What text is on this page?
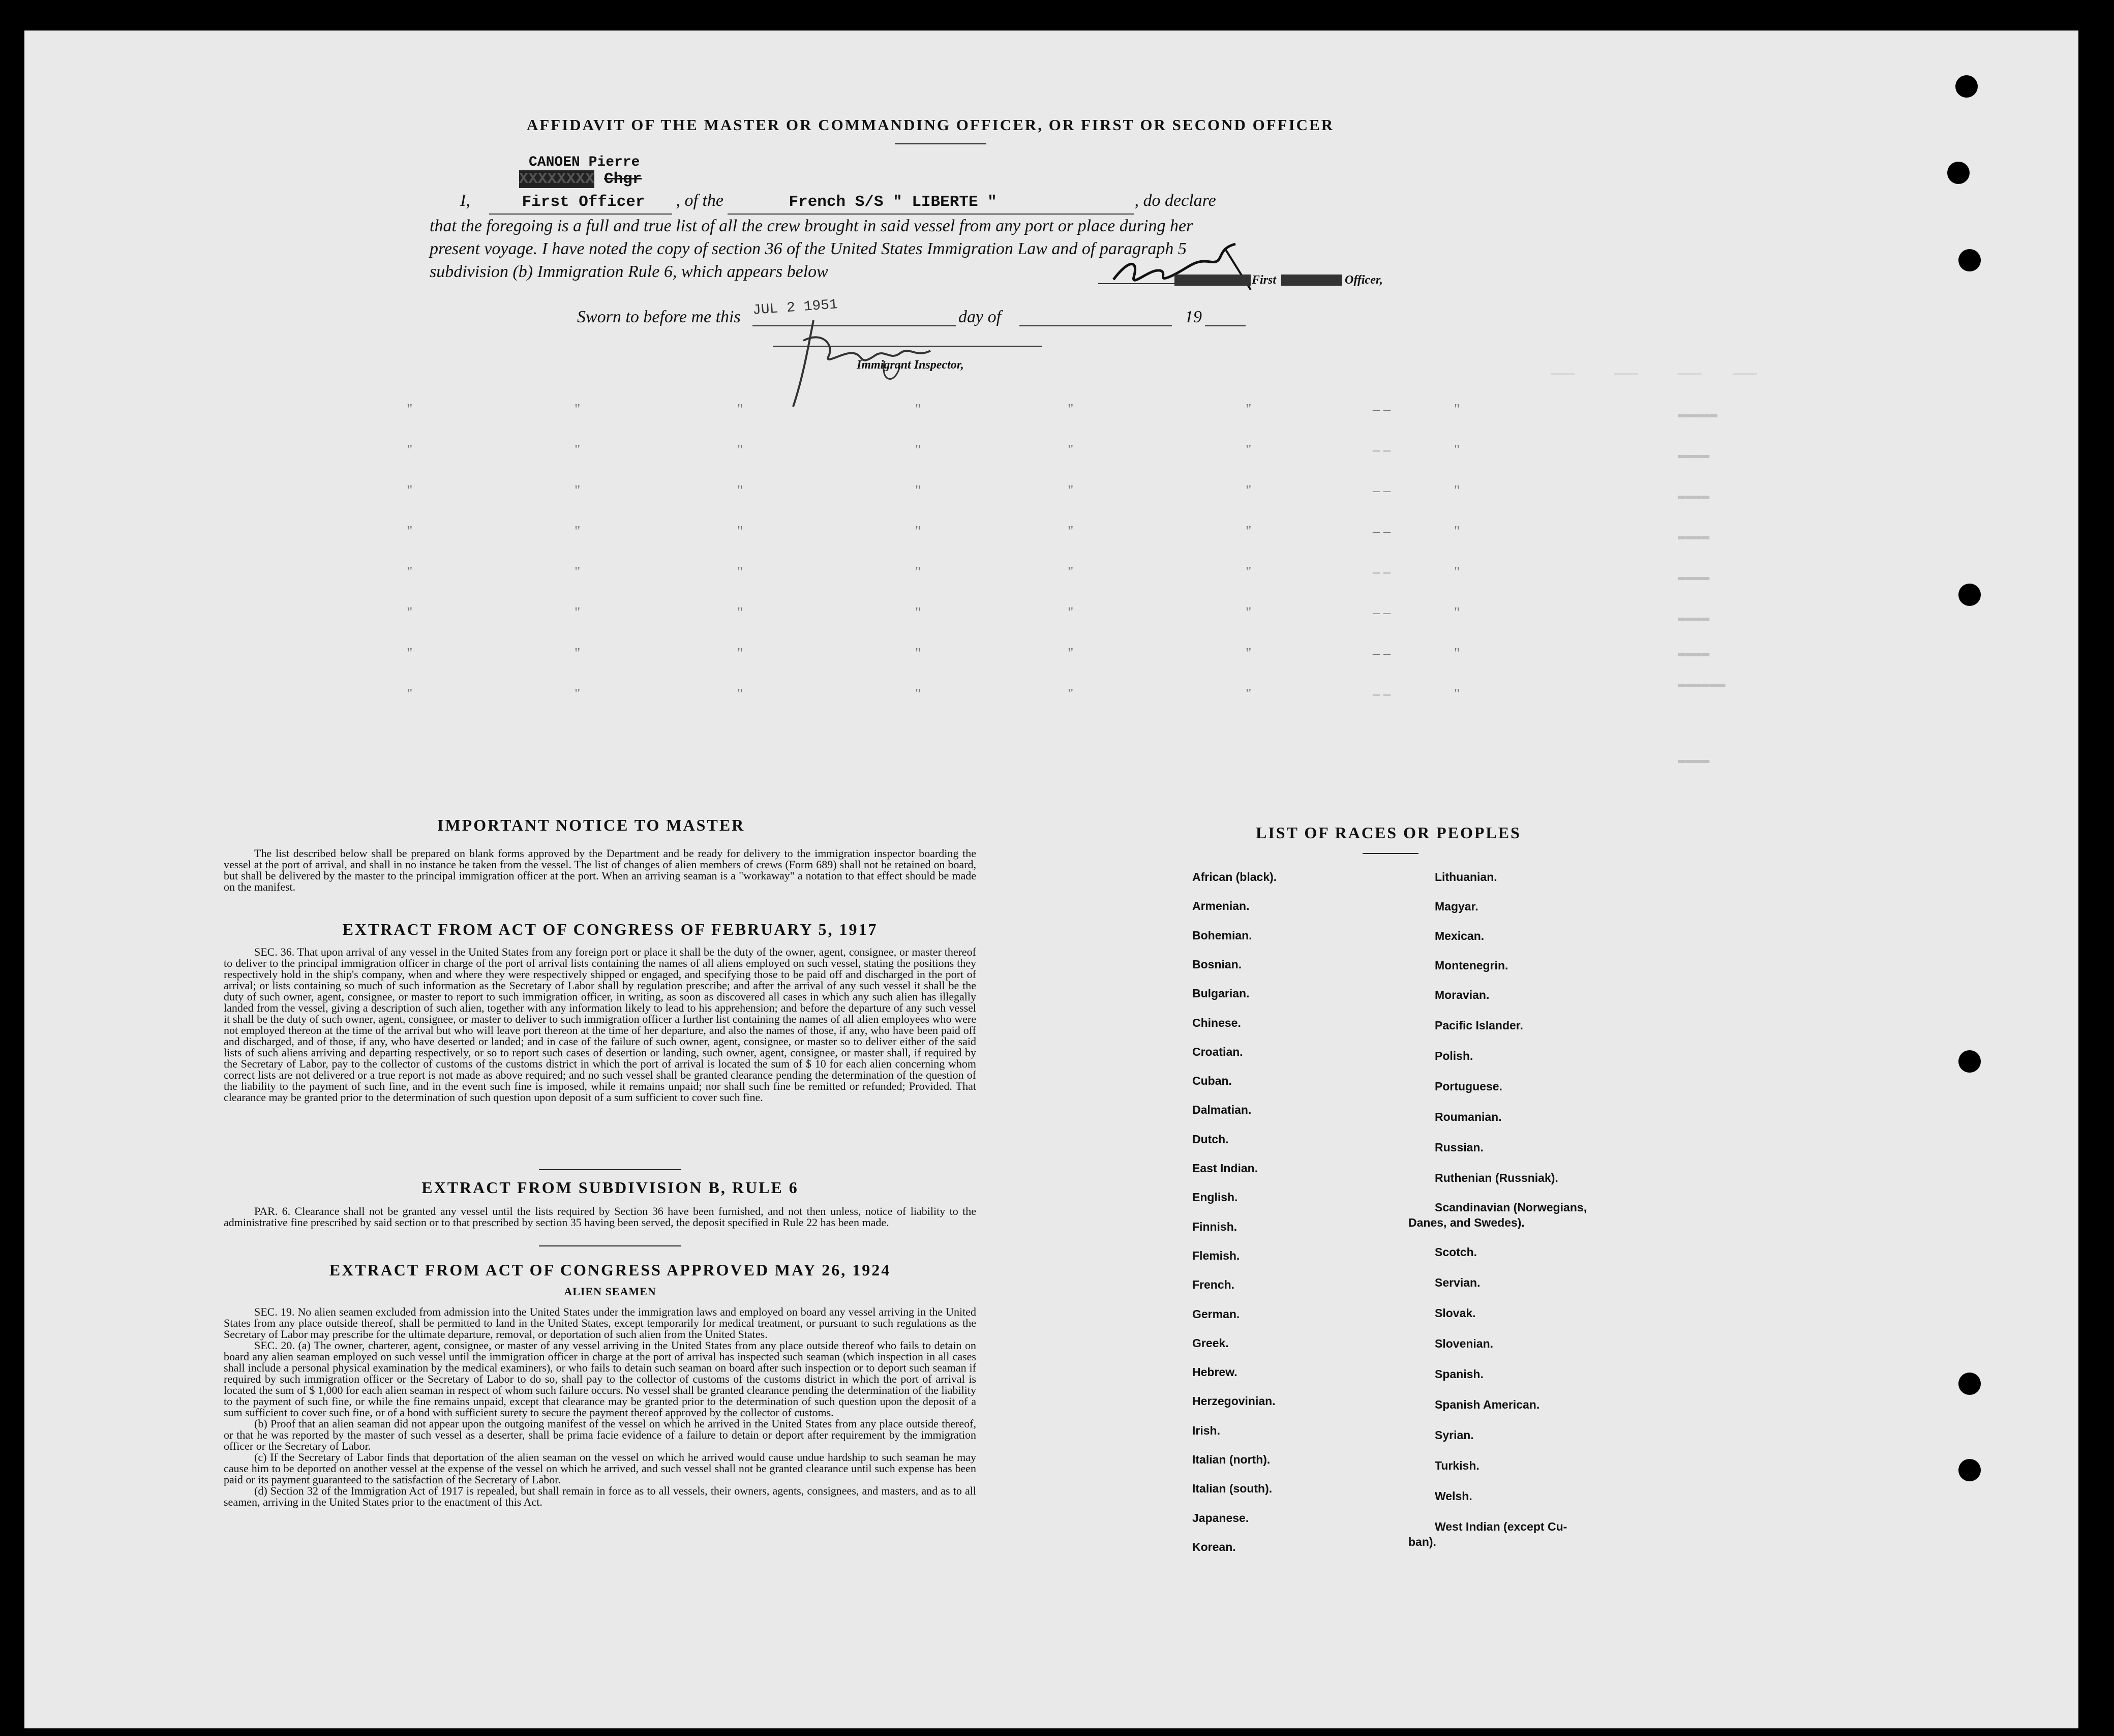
———     ———     ———    ———
▬▬▬▬▬
▬▬▬▬
▬▬▬▬
▬▬▬▬
▬▬▬▬
▬▬▬▬
▬▬▬▬
▬▬▬▬▬▬
▬▬▬▬
"	"	"	"	"	"	– –	"
"	"	"	"	"	"	– –	"
"	"	"	"	"	"	– –	"
"	"	"	"	"	"	– –	"
"	"	"	"	"	"	– –	"
"	"	"	"	"	"	– –	"
"	"	"	"	"	"	– –	"
"	"	"	"	"	"	– –	"
AFFIDAVIT OF THE MASTER OR COMMANDING OFFICER, OR FIRST OR SECOND OFFICER
CANOEN Pierre
I, XXXXXXXX Chgr First Officer , of the	French S/S " LIBERTE "	, do declare
that the foregoing is a full and true list of all the crew brought in said vessel from any port or place during her
present voyage. I have noted the copy of section 36 of the United States Immigration Law and of paragraph 5
subdivision (b) Immigration Rule 6, which appears below	First	Officer,
Sworn to before me this JUL 2 1951	day of	19
Immigrant Inspector,
IMPORTANT NOTICE TO MASTER

The list described below shall be prepared on blank forms approved by the Department and be ready for delivery to the immigration inspector boarding the vessel at the port of arrival, and shall in no instance be taken from the vessel. The list of changes of alien members of crews (Form 689) shall not be retained on board, but shall be delivered by the master to the principal immigration officer at the port. When an arriving seaman is a "workaway" a notation to that effect should be made on the manifest.

EXTRACT FROM ACT OF CONGRESS OF FEBRUARY 5, 1917

SEC. 36. That upon arrival of any vessel in the United States from any foreign port or place it shall be the duty of the owner, agent, consignee, or master thereof to deliver to the principal immigration officer in charge of the port of arrival lists containing the names of all aliens employed on such vessel, stating the positions they respectively hold in the ship's company, when and where they were respectively shipped or engaged, and specifying those to be paid off and discharged in the port of arrival; or lists containing so much of such information as the Secretary of Labor shall by regulation prescribe; and after the arrival of any such vessel it shall be the duty of such owner, agent, consignee, or master to report to such immigration officer, in writing, as soon as discovered all cases in which any such alien has illegally landed from the vessel, giving a description of such alien, together with any information likely to lead to his apprehension; and before the departure of any such vessel it shall be the duty of such owner, agent, consignee, or master to deliver to such immigration officer a further list containing the names of all alien employees who were not employed thereon at the time of the arrival but who will leave port thereon at the time of her departure, and also the names of those, if any, who have been paid off and discharged, and of those, if any, who have deserted or landed; and in case of the failure of such owner, agent, consignee, or master so to deliver either of the said lists of such aliens arriving and departing respectively, or so to report such cases of desertion or landing, such owner, agent, consignee, or master shall, if required by the Secretary of Labor, pay to the collector of customs of the customs district in which the port of arrival is located the sum of $ 10 for each alien concerning whom correct lists are not delivered or a true report is not made as above required; and no such vessel shall be granted clearance pending the determination of the question of the liability to the payment of such fine, and in the event such fine is imposed, while it remains unpaid; nor shall such fine be remitted or refunded; Provided. That clearance may be granted prior to the determination of such question upon deposit of a sum sufficient to cover such fine.

EXTRACT FROM SUBDIVISION B, RULE 6

PAR. 6. Clearance shall not be granted any vessel until the lists required by Section 36 have been furnished, and not then unless, notice of liability to the administrative fine prescribed by said section or to that prescribed by section 35 having been served, the deposit specified in Rule 22 has been made.

EXTRACT FROM ACT OF CONGRESS APPROVED MAY 26, 1924
ALIEN SEAMEN

SEC. 19. No alien seamen excluded from admission into the United States under the immigration laws and employed on board any vessel arriving in the United States from any place outside thereof, shall be permitted to land in the United States, except temporarily for medical treatment, or pursuant to such regulations as the Secretary of Labor may prescribe for the ultimate departure, removal, or deportation of such alien from the United States.

SEC. 20. (a) The owner, charterer, agent, consignee, or master of any vessel arriving in the United States from any place outside thereof who fails to detain on board any alien seaman employed on such vessel until the immigration officer in charge at the port of arrival has inspected such seaman (which inspection in all cases shall include a personal physical examination by the medical examiners), or who fails to detain such seaman on board after such inspection or to deport such seaman if required by such immigration officer or the Secretary of Labor to do so, shall pay to the collector of customs of the customs district in which the port of arrival is located the sum of $ 1,000 for each alien seaman in respect of whom such failure occurs. No vessel shall be granted clearance pending the determination of the liability to the payment of such fine, or while the fine remains unpaid, except that clearance may be granted prior to the determination of such question upon the deposit of a sum sufficient to cover such fine, or of a bond with sufficient surety to secure the payment thereof approved by the collector of customs.

(b) Proof that an alien seaman did not appear upon the outgoing manifest of the vessel on which he arrived in the United States from any place outside thereof, or that he was reported by the master of such vessel as a deserter, shall be prima facie evidence of a failure to detain or deport after requirement by the immigration officer or the Secretary of Labor.

(c) If the Secretary of Labor finds that deportation of the alien seaman on the vessel on which he arrived would cause undue hardship to such seaman he may cause him to be deported on another vessel at the expense of the vessel on which he arrived, and such vessel shall not be granted clearance until such expense has been paid or its payment guaranteed to the satisfaction of the Secretary of Labor.

(d) Section 32 of the Immigration Act of 1917 is repealed, but shall remain in force as to all vessels, their owners, agents, consignees, and masters, and as to all seamen, arriving in the United States prior to the enactment of this Act.

LIST OF RACES OR PEOPLES
African (black).
Armenian.
Bohemian.
Bosnian.
Bulgarian.
Chinese.
Croatian.
Cuban.
Dalmatian.
Dutch.
East Indian.
English.
Finnish.
Flemish.
French.
German.
Greek.
Hebrew.
Herzegovinian.
Irish.
Italian (north).
Italian (south).
Japanese.
Korean.
Lithuanian.
Magyar.
Mexican.
Montenegrin.
Moravian.
Pacific Islander.
Polish.
Portuguese.
Roumanian.
Russian.
Ruthenian (Russniak).
Scandinavian (Norwegians,
Danes, and Swedes).
Scotch.
Servian.
Slovak.
Slovenian.
Spanish.
Spanish American.
Syrian.
Turkish.
Welsh.
West Indian (except Cu-
ban).
